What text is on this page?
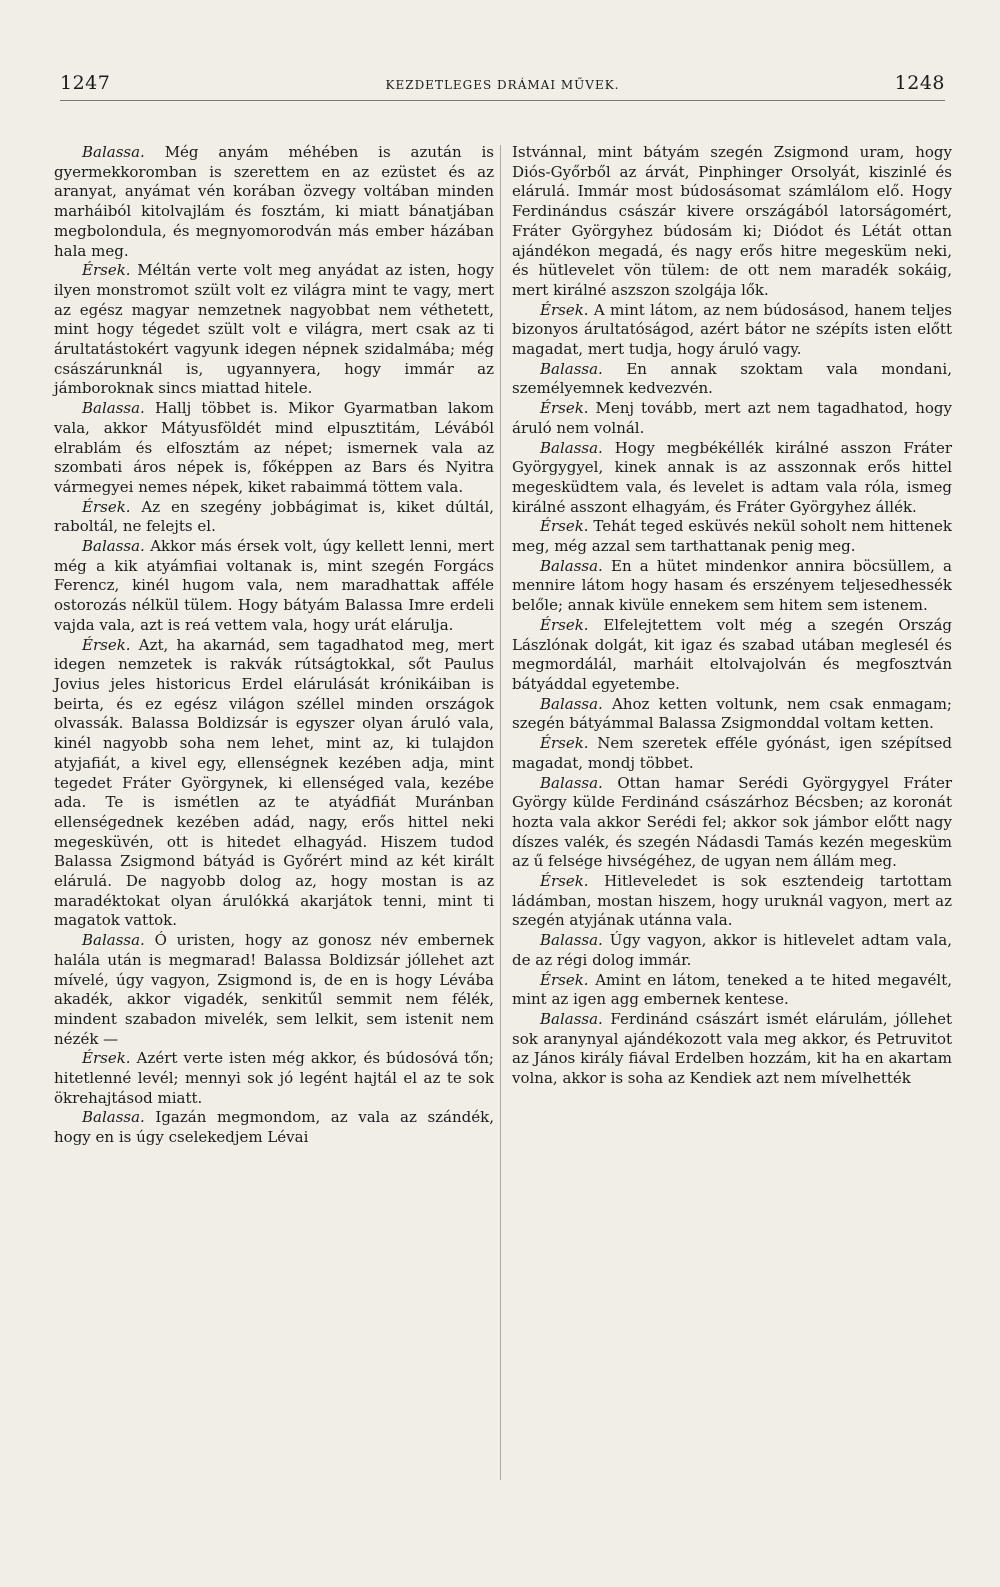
1247	KEZDETLEGES DRÁMAI MŰVEK.	1248

Balassa. Még anyám méhében is azután is gyermekkoromban is szerettem en az ezüstet és az aranyat, anyámat vén korában özvegy voltában minden marháiból kitolvajlám és fosztám, ki miatt bánatjában megbolondula, és megnyomorodván más ember házában hala meg.

Érsek. Méltán verte volt meg anyádat az isten, hogy ilyen monstromot szült volt ez világra mint te vagy, mert az egész magyar nemzetnek nagyobbat nem véthetett, mint hogy tégedet szült volt e világra, mert csak az ti árultatástokért vagyunk idegen népnek szidalmába; még császárunknál is, ugyannyera, hogy immár az jámboroknak sincs miattad hitele.

Balassa. Hallj többet is. Mikor Gyarmatban lakom vala, akkor Mátyusföldét mind elpusztitám, Lévából elrablám és elfosztám az népet; ismernek vala az szombati áros népek is, főképpen az Bars és Nyitra vármegyei nemes népek, kiket rabaimmá töttem vala.

Érsek. Az en szegény jobbágimat is, kiket dúltál, raboltál, ne felejts el.

Balassa. Akkor más érsek volt, úgy kellett lenni, mert még a kik atyámfiai voltanak is, mint szegén Forgács Ferencz, kinél hugom vala, nem maradhattak afféle ostorozás nélkül tülem. Hogy bátyám Balassa Imre erdeli vajda vala, azt is reá vettem vala, hogy urát elárulja.

Érsek. Azt, ha akarnád, sem tagadhatod meg, mert idegen nemzetek is rakvák rútságtokkal, sőt Paulus Jovius jeles historicus Erdel elárulását krónikáiban is beirta, és ez egész világon széllel minden országok olvassák. Balassa Boldizsár is egyszer olyan áruló vala, kinél nagyobb soha nem lehet, mint az, ki tulajdon atyjafiát, a kivel egy, ellenségnek kezében adja, mint tegedet Fráter Györgynek, ki ellenséged vala, kezébe ada. Te is ismétlen az te atyádfiát Muránban ellenségednek kezében adád, nagy, erős hittel neki megesküvén, ott is hitedet elhagyád. Hiszem tudod Balassa Zsigmond bátyád is Győrért mind az két királt elárulá. De nagyobb dolog az, hogy mostan is az maradéktokat olyan árulókká akarjátok tenni, mint ti magatok vattok.

Balassa. Ó uristen, hogy az gonosz név embernek halála után is megmarad! Balassa Boldizsár jóllehet azt mívelé, úgy vagyon, Zsigmond is, de en is hogy Lévába akadék, akkor vigadék, senkitűl semmit nem félék, mindent szabadon mivelék, sem lelkit, sem istenit nem nézék —

Érsek. Azért verte isten még akkor, és búdosóvá tőn; hitetlenné levél; mennyi sok jó legént hajtál el az te sok ökrehajtásod miatt.

Balassa. Igazán megmondom, az vala az szándék, hogy en is úgy cselekedjem Lévai

Istvánnal, mint bátyám szegén Zsigmond uram, hogy Diós-Győrből az árvát, Pinphinger Orsolyát, kiszinlé és elárulá. Immár most búdosásomat számlálom elő. Hogy Ferdinándus császár kivere országából latorságomért, Fráter Györgyhez búdosám ki; Diódot és Létát ottan ajándékon megadá, és nagy erős hitre megesküm neki, és hütlevelet vön tülem: de ott nem maradék sokáig, mert királné aszszon szolgája lők.

Érsek. A mint látom, az nem búdosásod, hanem teljes bizonyos árultatóságod, azért bátor ne szépíts isten előtt magadat, mert tudja, hogy áruló vagy.

Balassa. En annak szoktam vala mondani, személyemnek kedvezvén.

Érsek. Menj tovább, mert azt nem tagadhatod, hogy áruló nem volnál.

Balassa. Hogy megbékéllék királné asszon Fráter Györgygyel, kinek annak is az asszonnak erős hittel megesküdtem vala, és levelet is adtam vala róla, ismeg királné asszont elhagyám, és Fráter Györgyhez állék.

Érsek. Tehát teged esküvés nekül soholt nem hittenek meg, még azzal sem tarthattanak penig meg.

Balassa. En a hütet mindenkor annira böcsüllem, a mennire látom hogy hasam és erszényem teljesedhessék belőle; annak kivüle ennekem sem hitem sem istenem.

Érsek. Elfelejtettem volt még a szegén Ország Lászlónak dolgát, kit igaz és szabad utában meglesél és megmordálál, marháit eltolvajolván és megfosztván bátyáddal egyetembe.

Balassa. Ahoz ketten voltunk, nem csak enmagam; szegén bátyámmal Balassa Zsigmonddal voltam ketten.

Érsek. Nem szeretek efféle gyónást, igen szépítsed magadat, mondj többet.

Balassa. Ottan hamar Serédi Györgygyel Fráter György külde Ferdinánd császárhoz Bécsben; az koronát hozta vala akkor Serédi fel; akkor sok jámbor előtt nagy díszes valék, és szegén Nádasdi Tamás kezén megesküm az ű felsége hivségéhez, de ugyan nem állám meg.

Érsek. Hitleveledet is sok esztendeig tartottam ládámban, mostan hiszem, hogy uruknál vagyon, mert az szegén atyjának utánna vala.

Balassa. Úgy vagyon, akkor is hitlevelet adtam vala, de az régi dolog immár.

Érsek. Amint en látom, teneked a te hited megavélt, mint az igen agg embernek kentese.

Balassa. Ferdinánd császárt ismét elárulám, jóllehet sok aranynyal ajándékozott vala meg akkor, és Petruvitot az János király fiával Erdelben hozzám, kit ha en akartam volna, akkor is soha az Kendiek azt nem mívelhették
